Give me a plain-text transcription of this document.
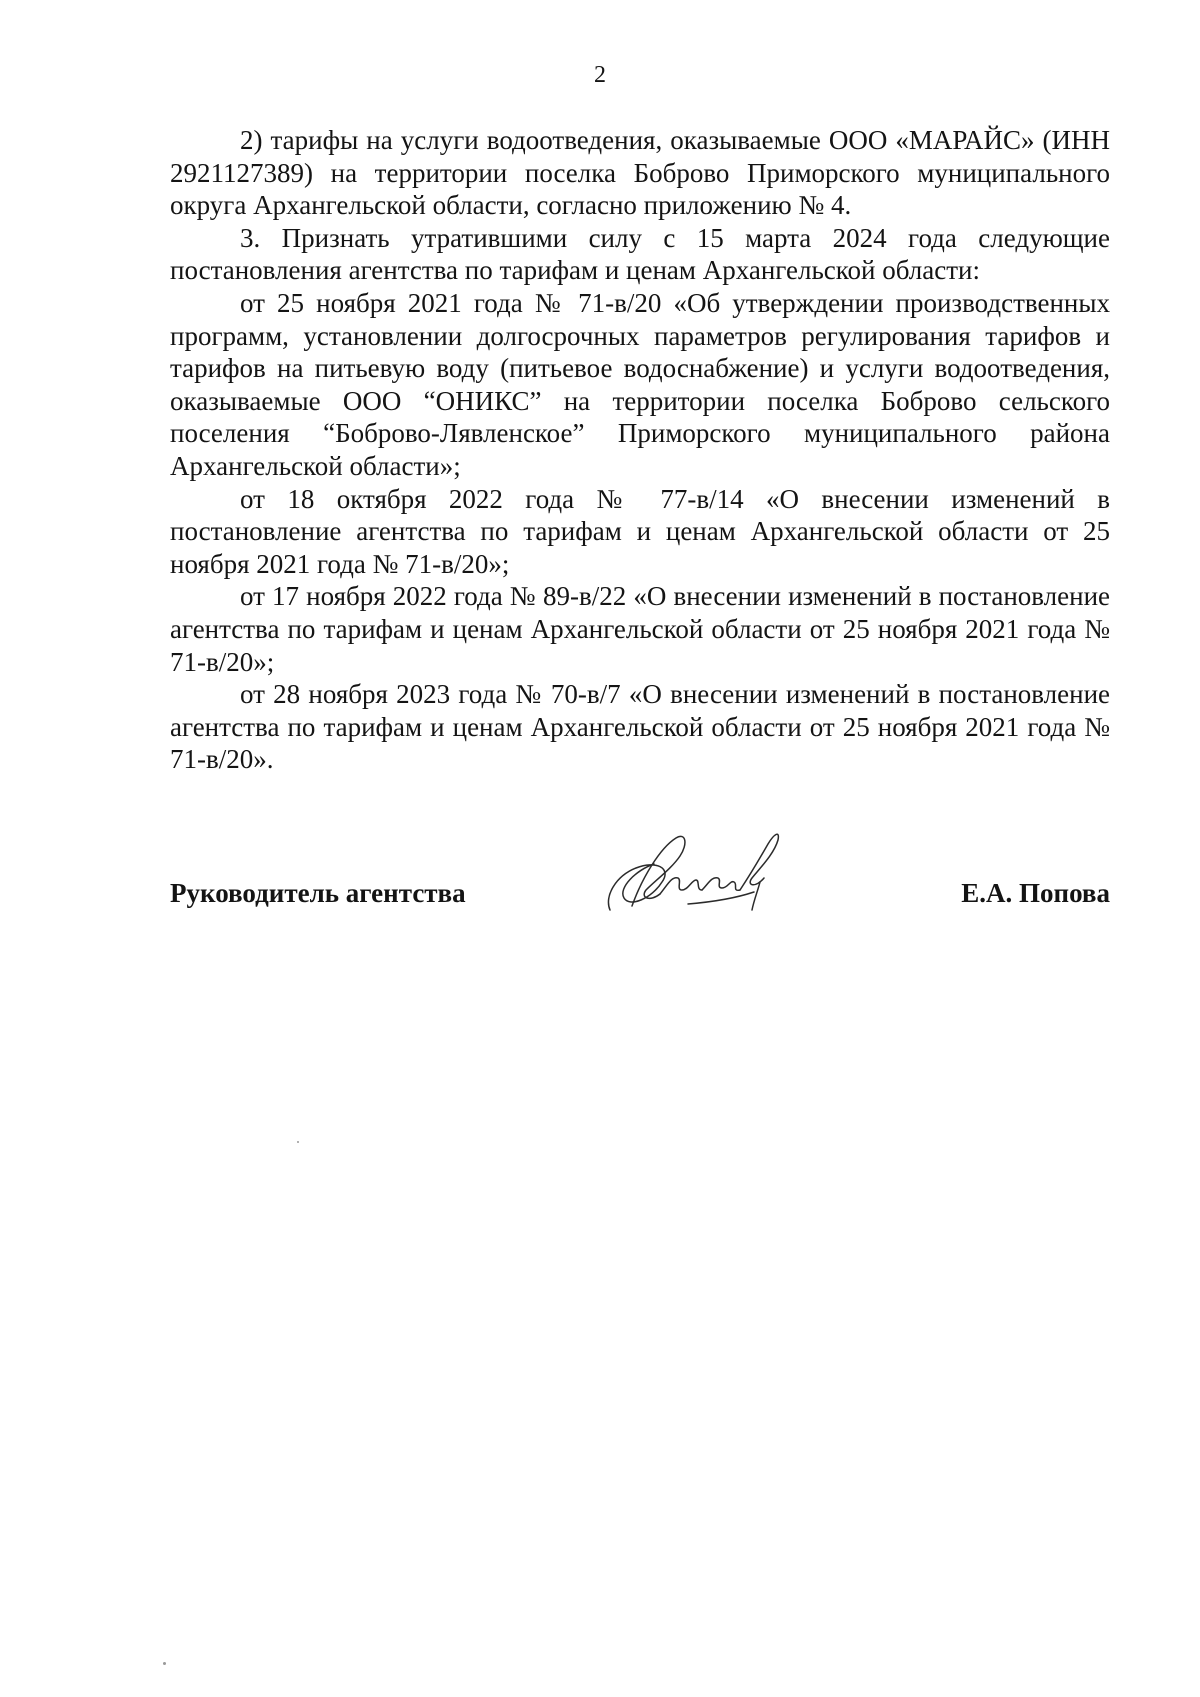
2

2) тарифы на услуги водоотведения, оказываемые ООО «МАРАЙС» (ИНН 2921127389) на территории поселка Боброво Приморского муниципального округа Архангельской области, согласно приложению № 4.

3. Признать утратившими силу с 15 марта 2024 года следующие постановления агентства по тарифам и ценам Архангельской области:

от 25 ноября 2021 года № 71-в/20 «Об утверждении производственных программ, установлении долгосрочных параметров регулирования тарифов и тарифов на питьевую воду (питьевое водоснабжение) и услуги водоотведения, оказываемые ООО “ОНИКС” на территории поселка Боброво сельского поселения “Боброво-Лявленское” Приморского муниципального района Архангельской области»;

от 18 октября 2022 года № 77-в/14 «О внесении изменений в постановление агентства по тарифам и ценам Архангельской области от 25 ноября 2021 года № 71-в/20»;

от 17 ноября 2022 года № 89-в/22 «О внесении изменений в постановление агентства по тарифам и ценам Архангельской области от 25 ноября 2021 года № 71-в/20»;

от 28 ноября 2023 года № 70-в/7 «О внесении изменений в постановление агентства по тарифам и ценам Архангельской области от 25 ноября 2021 года № 71-в/20».

Руководитель агентства	Е.А. Попова
